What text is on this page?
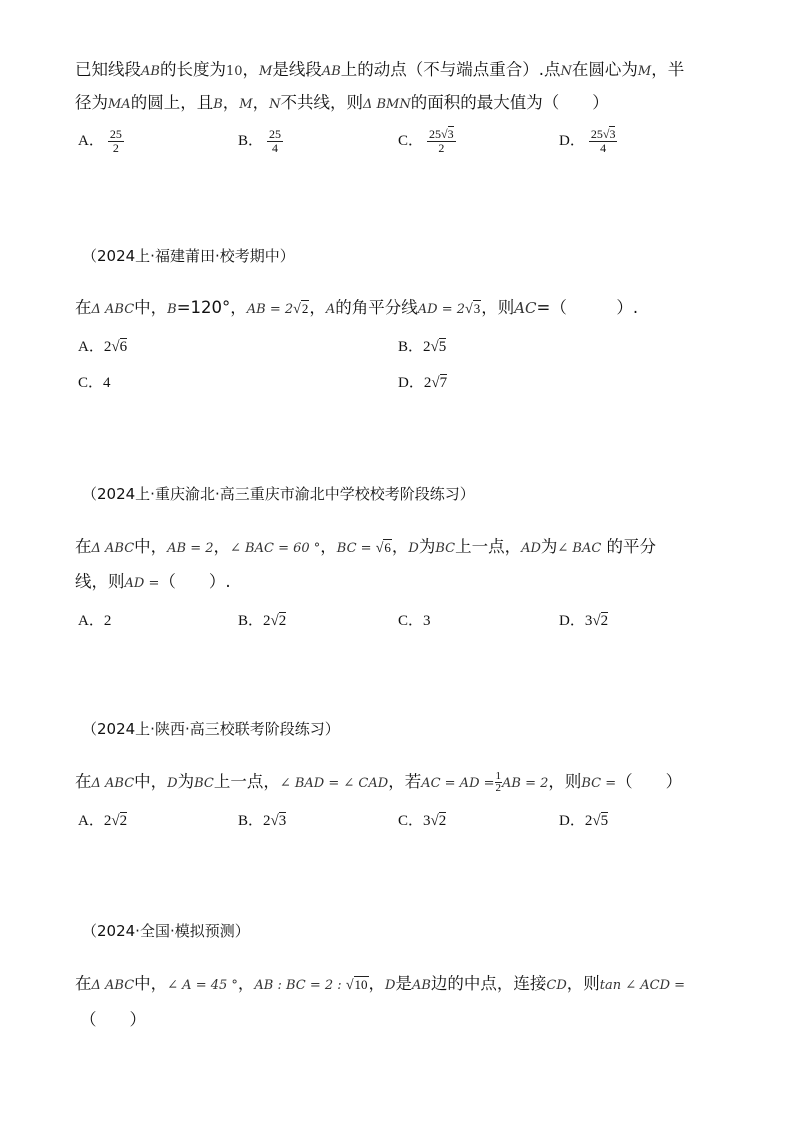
已知线段AB的长度为10，M是线段AB上的动点（不与端点重合）.点N在圆心为M，半
径为MA的圆上，且B，M，N不共线，则Δ BMN的面积的最大值为（　　）
A． $\frac{25}{2}$	B． $\frac{25}{4}$	C． $\frac{25√3}{2}$	D． $\frac{25√3}{4}$
（2024上·福建莆田·校考期中）
在Δ ABC中，B=120°，AB = 2√2，A的角平分线AD = 2√3，则AC=（　　　）.
A．2√6	B．2√5
C．4	D．2√7
（2024上·重庆渝北·高三重庆市渝北中学校校考阶段练习）
在Δ ABC中，AB = 2，∠ BAC = 60 °，BC = √6，D为BC上一点，AD为∠ BAC 的平分
线，则AD =（　　）.
A．2	B．2√2	C．3	D．3√2
（2024上·陕西·高三校联考阶段练习）
在Δ ABC中，D为BC上一点，∠ BAD = ∠ CAD，若AC = AD = $\frac{1}{2}$ AB = 2，则BC =（　　）
A．2√2	B．2√3	C．3√2	D．2√5
（2024·全国·模拟预测）
在Δ ABC中，∠ A = 45 °，AB : BC = 2 : √10，D是AB边的中点，连接CD，则tan ∠ ACD =
（　　）
